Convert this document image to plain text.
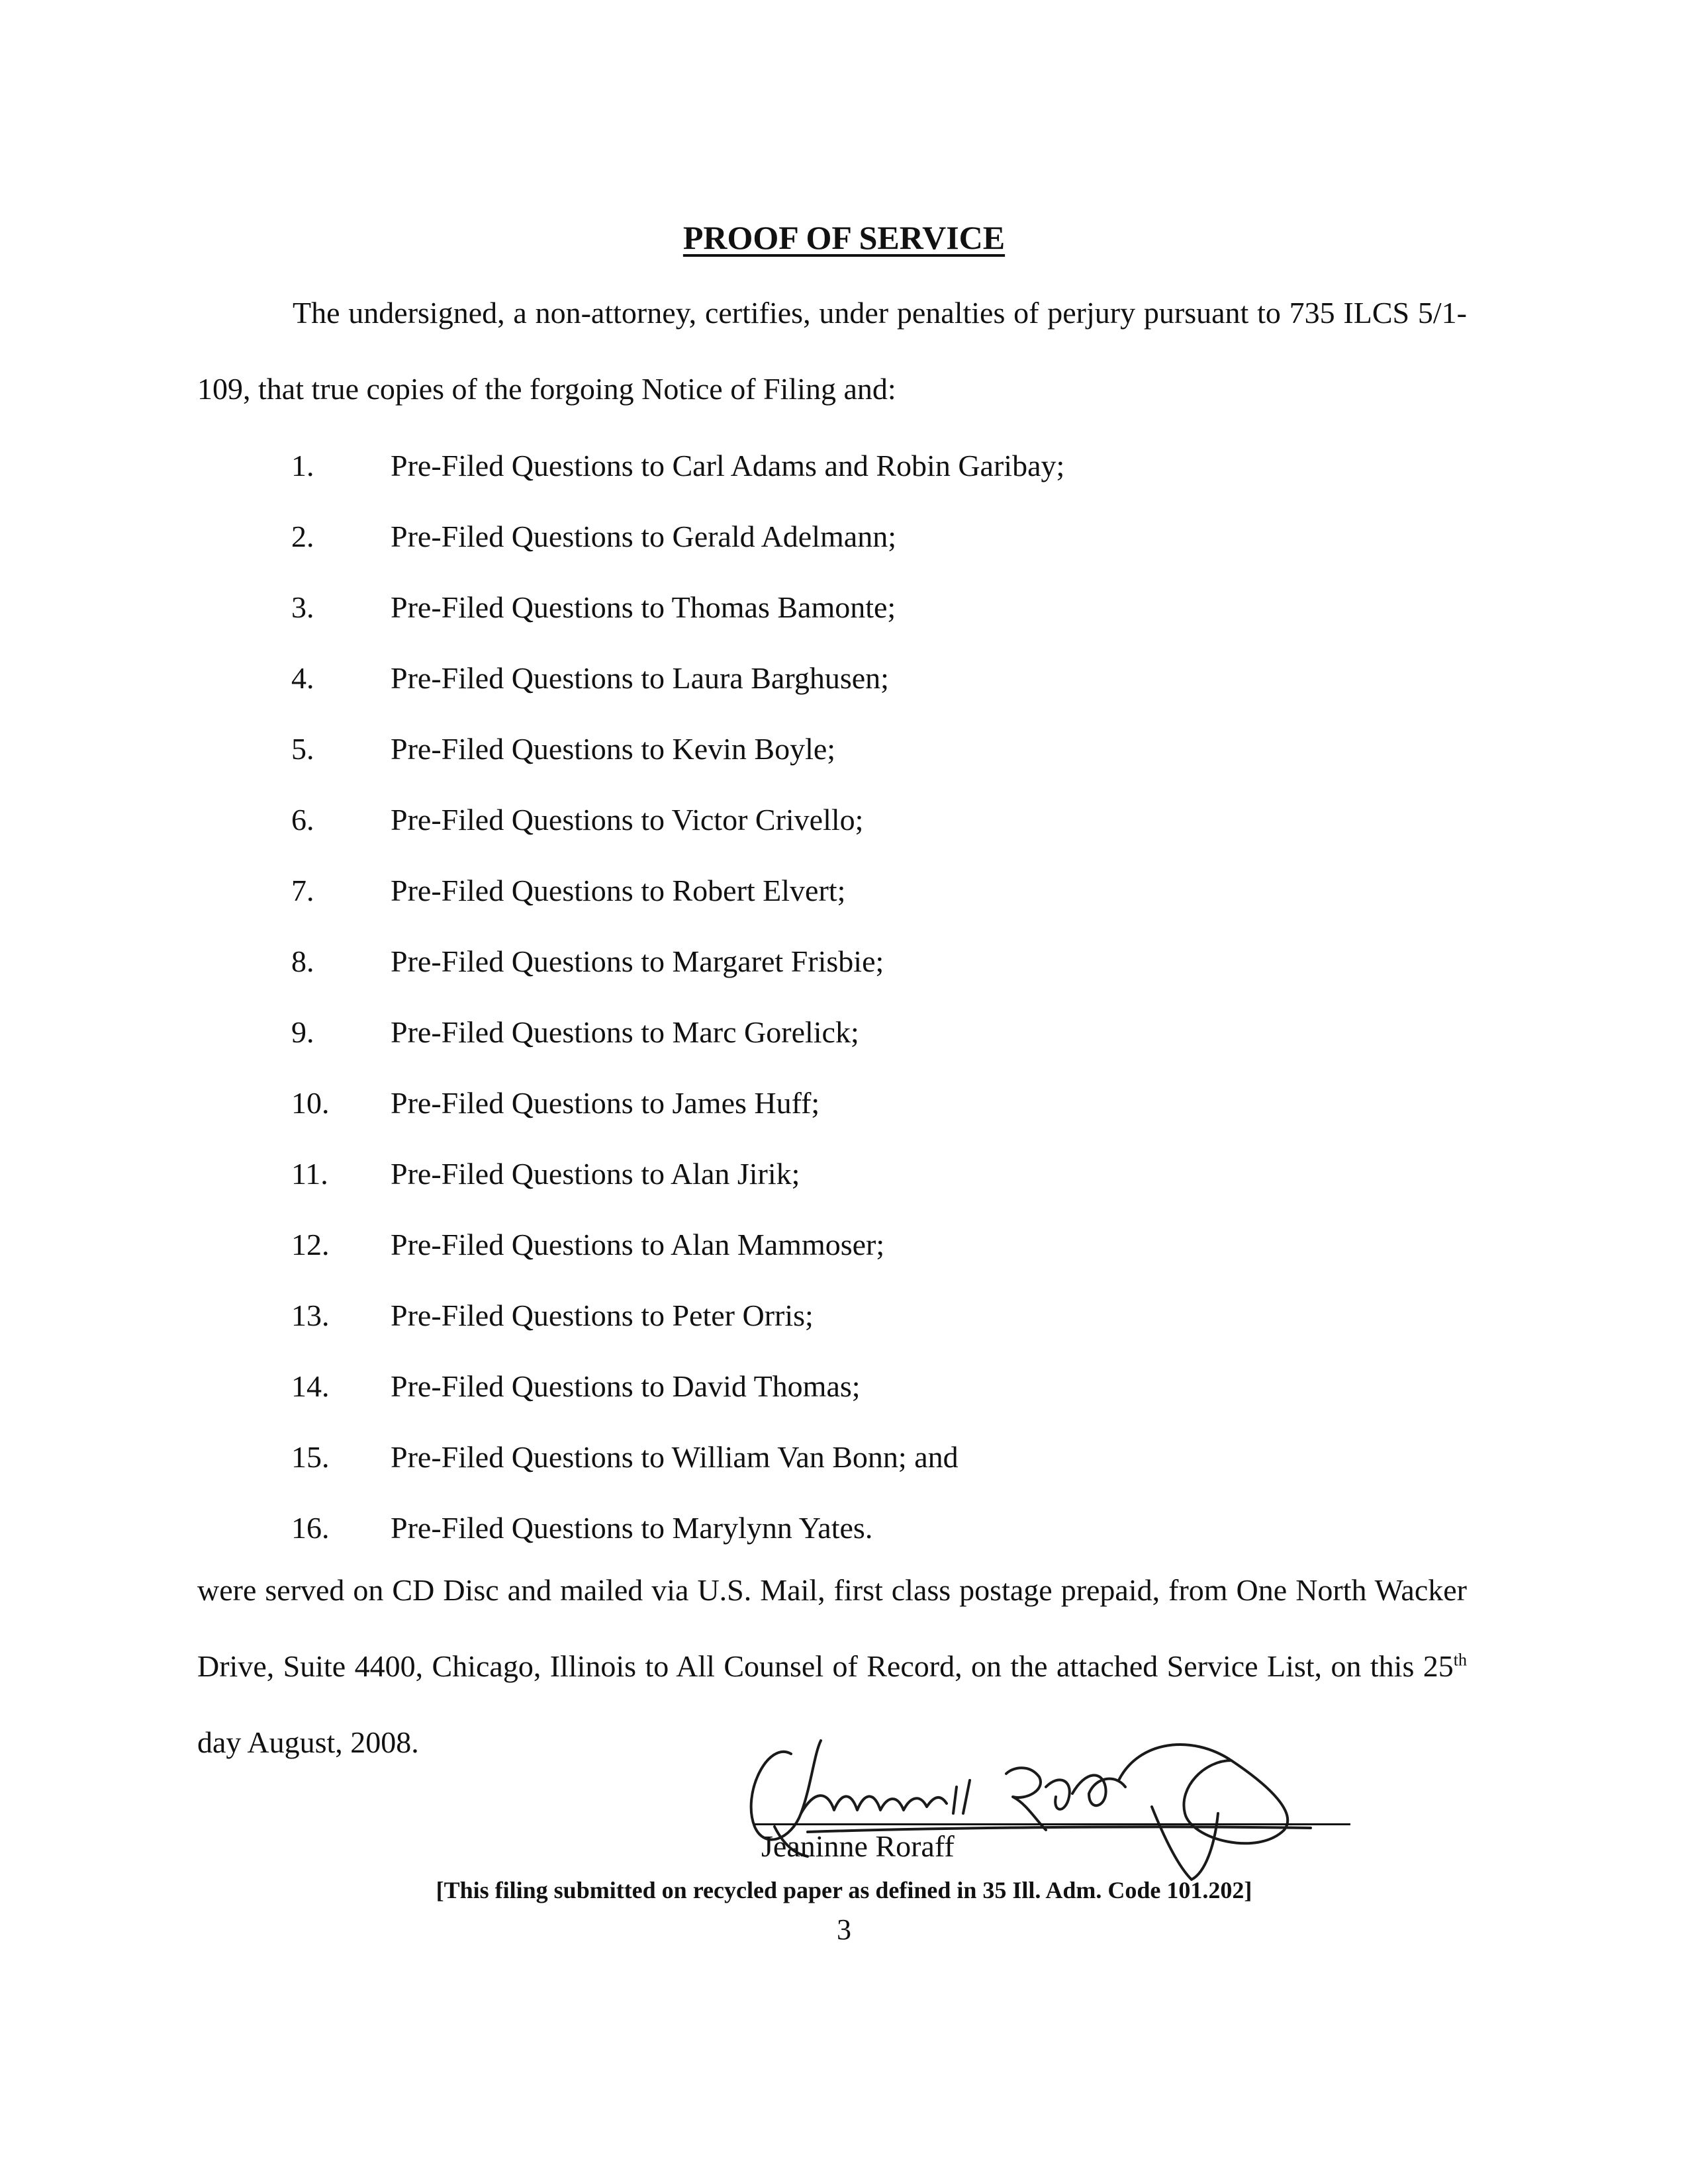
PROOF OF SERVICE
The undersigned, a non-attorney, certifies, under penalties of perjury pursuant to 735 ILCS 5/1-109, that true copies of the forgoing Notice of Filing and:
1.	Pre-Filed Questions to Carl Adams and Robin Garibay;
2.	Pre-Filed Questions to Gerald Adelmann;
3.	Pre-Filed Questions to Thomas Bamonte;
4.	Pre-Filed Questions to Laura Barghusen;
5.	Pre-Filed Questions to Kevin Boyle;
6.	Pre-Filed Questions to Victor Crivello;
7.	Pre-Filed Questions to Robert Elvert;
8.	Pre-Filed Questions to Margaret Frisbie;
9.	Pre-Filed Questions to Marc Gorelick;
10. Pre-Filed Questions to James Huff;
11. Pre-Filed Questions to Alan Jirik;
12. Pre-Filed Questions to Alan Mammoser;
13. Pre-Filed Questions to Peter Orris;
14. Pre-Filed Questions to David Thomas;
15. Pre-Filed Questions to William Van Bonn; and
16. Pre-Filed Questions to Marylynn Yates.
were served on CD Disc and mailed via U.S. Mail, first class postage prepaid, from One North Wacker Drive, Suite 4400, Chicago, Illinois to All Counsel of Record, on the attached Service List, on this 25th day August, 2008.
Jeaninne Roraff
[This filing submitted on recycled paper as defined in 35 Ill. Adm. Code 101.202]
3
